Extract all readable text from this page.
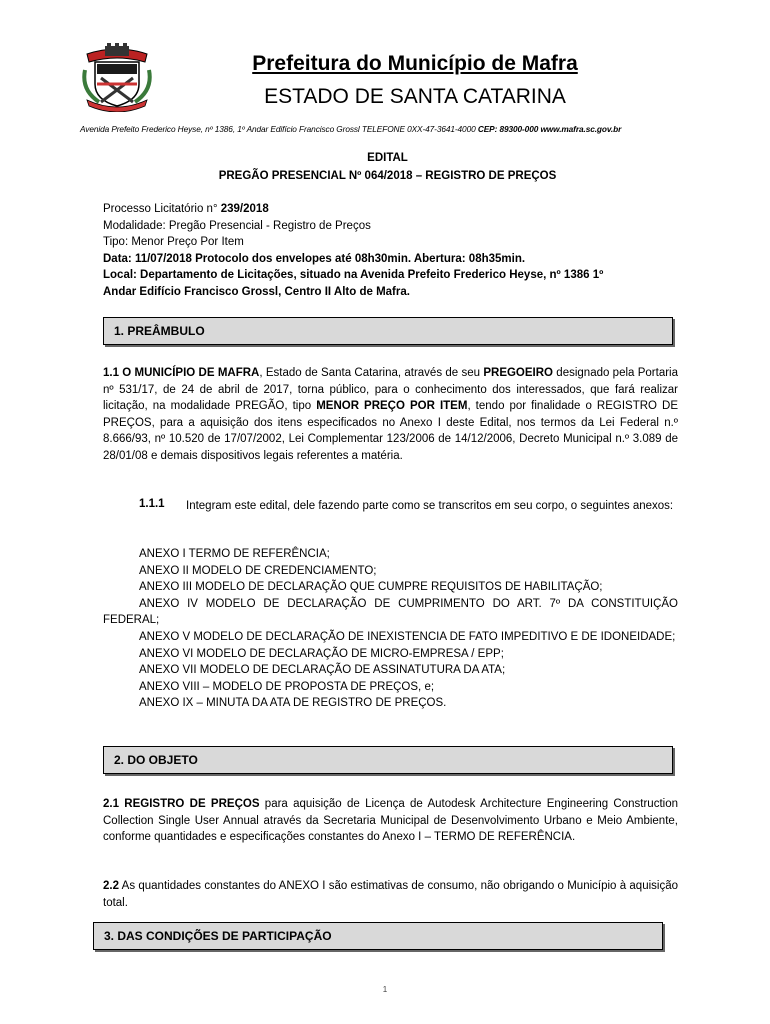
Prefeitura do Município de Mafra
ESTADO DE SANTA CATARINA
Avenida Prefeito Frederico Heyse, nº 1386, 1º Andar Edifício Francisco Grossl TELEFONE 0XX-47-3641-4000 CEP: 89300-000 www.mafra.sc.gov.br
EDITAL
PREGÃO PRESENCIAL Nº 064/2018 – REGISTRO DE PREÇOS
Processo Licitatório n° 239/2018
Modalidade: Pregão Presencial - Registro de Preços
Tipo: Menor Preço Por Item
Data: 11/07/2018 Protocolo dos envelopes até 08h30min. Abertura: 08h35min.
Local: Departamento de Licitações, situado na Avenida Prefeito Frederico Heyse, nº 1386 1º
Andar Edifício Francisco Grossl, Centro II Alto de Mafra.
1. PREÂMBULO
1.1 O MUNICÍPIO DE MAFRA, Estado de Santa Catarina, através de seu PREGOEIRO designado pela Portaria nº 531/17, de 24 de abril de 2017, torna público, para o conhecimento dos interessados, que fará realizar licitação, na modalidade PREGÃO, tipo MENOR PREÇO POR ITEM, tendo por finalidade o REGISTRO DE PREÇOS, para a aquisição dos itens especificados no Anexo I deste Edital, nos termos da Lei Federal n.º 8.666/93, nº 10.520 de 17/07/2002, Lei Complementar 123/2006 de 14/12/2006, Decreto Municipal n.º 3.089 de 28/01/08 e demais dispositivos legais referentes a matéria.
1.1.1 Integram este edital, dele fazendo parte como se transcritos em seu corpo, o seguintes anexos:
ANEXO I TERMO DE REFERÊNCIA;
ANEXO II MODELO DE CREDENCIAMENTO;
ANEXO III MODELO DE DECLARAÇÃO QUE CUMPRE REQUISITOS DE HABILITAÇÃO;
ANEXO IV MODELO DE DECLARAÇÃO DE CUMPRIMENTO DO ART. 7º DA CONSTITUIÇÃO FEDERAL;
ANEXO V MODELO DE DECLARAÇÃO DE INEXISTENCIA DE FATO IMPEDITIVO E DE IDONEIDADE;
ANEXO VI MODELO DE DECLARAÇÃO DE MICRO-EMPRESA / EPP;
ANEXO VII MODELO DE DECLARAÇÃO DE ASSINATUTURA DA ATA;
ANEXO VIII – MODELO DE PROPOSTA DE PREÇOS, e;
ANEXO IX – MINUTA DA ATA DE REGISTRO DE PREÇOS.
2. DO OBJETO
2.1 REGISTRO DE PREÇOS para aquisição de Licença de Autodesk Architecture Engineering Construction Collection Single User Annual através da Secretaria Municipal de Desenvolvimento Urbano e Meio Ambiente, conforme quantidades e especificações constantes do Anexo I – TERMO DE REFERÊNCIA.
2.2 As quantidades constantes do ANEXO I são estimativas de consumo, não obrigando o Município à aquisição total.
3. DAS CONDIÇÕES DE PARTICIPAÇÃO
1
